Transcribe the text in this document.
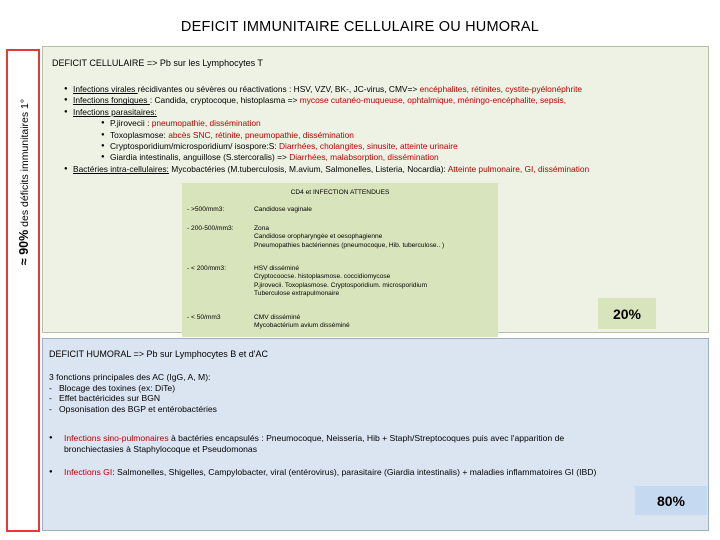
DEFICIT IMMUNITAIRE CELLULAIRE OU HUMORAL
≈ 90% des déficits immunitaires 1°
DEFICIT CELLULAIRE => Pb sur les Lymphocytes T
● Infections virales récidivantes ou sévères ou réactivations : HSV, VZV, BK-, JC-virus, CMV=> encéphalites, rétinites, cystite-pyélonéphrite
● Infections fongiques : Candida, cryptocoque, histoplasma => mycose cutanéo-muqueuse, ophtalmique, méningo-encéphalite, sepsis,
● Infections parasitaires:
● P.jirovecii : pneumopathie, dissémination
● Toxoplasmose: abcès SNC, rétinite, pneumopathie, dissémination
● Cryptosporidium/microsporidium/ isospore:S: Diarrhées, cholangites, sinusite, atteinte urinaire
● Giardia intestinalis, anguillose (S.stercoralis) => Diarrhées, malabsorption, dissémination
● Bactéries intra-cellulaires: Mycobactéries (M.tuberculosis, M.avium, Salmonelles, Listeria, Nocardia): Atteinte pulmonaire, GI, dissémination
CD4 et INFECTION ATTENDUES
- >500/mm3:	Candidose vaginale
- 200-500/mm3:	Zona
Candidose oropharyngée et oesophagienne
Pneumopathies bactériennes (pneumocoque, Hib. tuberculose.. )
- < 200/mm3:	HSV disséminé
Cryptocoocse. histoplasmose. coccidiomycose
P.jirovecii. Toxoplasmose. Cryptosporidium. microsporidium
Tuberculose extrapulmonaire
- < 50/mm3	CMV disséminé
Mycobactérium avium disséminé
20%
DEFICIT HUMORAL => Pb sur Lymphocytes B et d'AC
3 fonctions principales des AC (IgG, A, M):
- Blocage des toxines (ex: DiTe)
- Effet bactéricides sur BGN
- Opsonisation des BGP et entérobactéries
● Infections sino-pulmonaires à bactéries encapsulés : Pneumocoque, Neisseria, Hib + Staph/Streptocoques puis avec l'apparition de
bronchiectasies à Staphylocoque et Pseudomonas
● Infections GI: Salmonelles, Shigelles, Campylobacter, viral (entérovirus), parasitaire (Giardia intestinalis) + maladies inflammatoires GI (IBD)
80%
